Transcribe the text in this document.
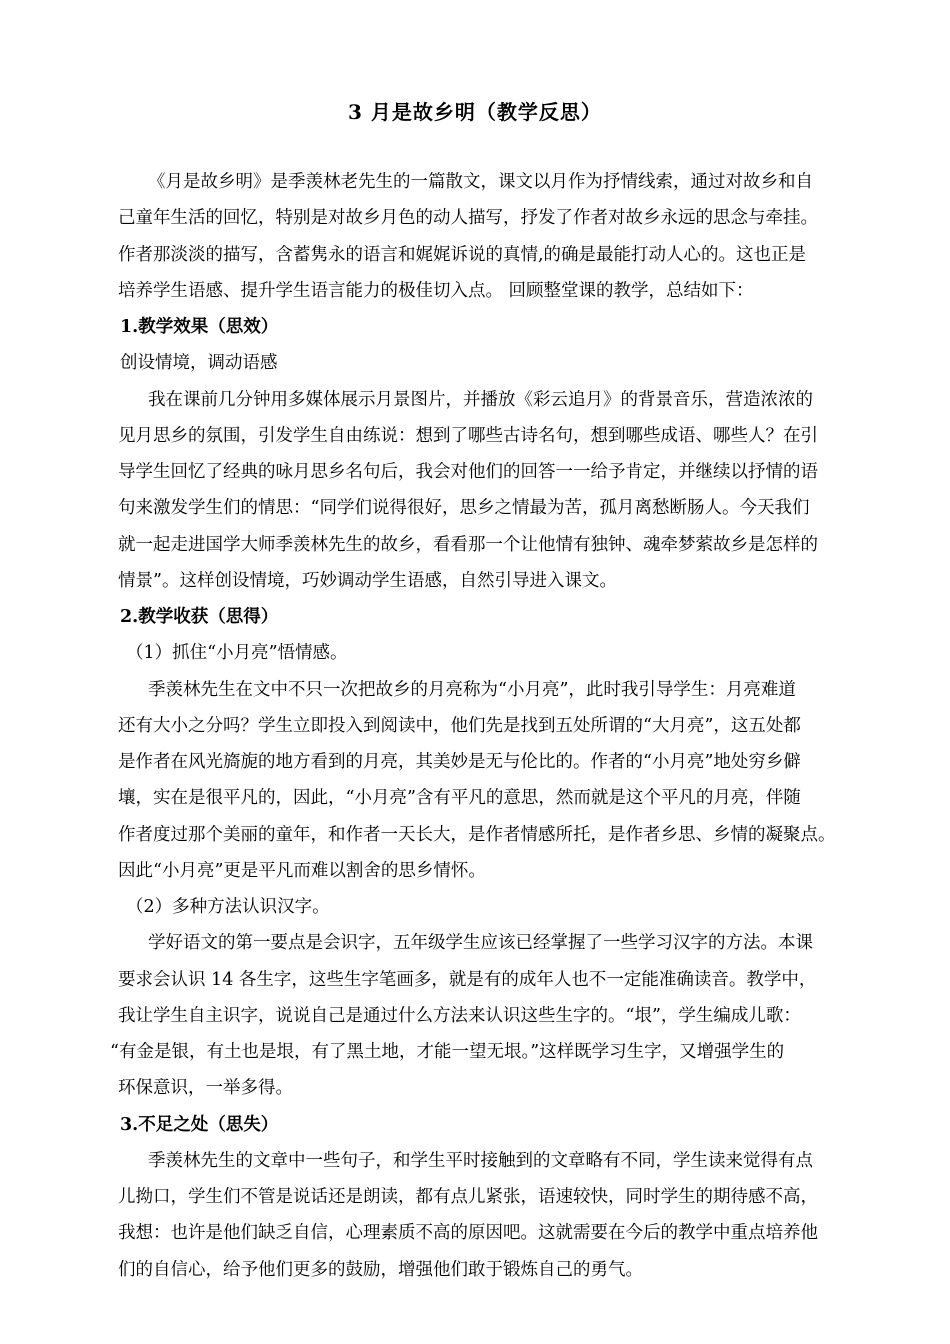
3 月是故乡明（教学反思）
《月是故乡明》是季羡林老先生的一篇散文，课文以月作为抒情线索，通过对故乡和自
己童年生活的回忆，特别是对故乡月色的动人描写，抒发了作者对故乡永远的思念与牵挂。
作者那淡淡的描写，含蓄隽永的语言和娓娓诉说的真情,的确是最能打动人心的。这也正是
培养学生语感、提升学生语言能力的极佳切入点。 回顾整堂课的教学，总结如下：
1.教学效果（思效）
创设情境，调动语感
我在课前几分钟用多媒体展示月景图片，并播放《彩云追月》的背景音乐，营造浓浓的
见月思乡的氛围，引发学生自由练说：想到了哪些古诗名句，想到哪些成语、哪些人？在引
导学生回忆了经典的咏月思乡名句后，我会对他们的回答一一给予肯定，并继续以抒情的语
句来激发学生们的情思：“同学们说得很好，思乡之情最为苦，孤月离愁断肠人。今天我们
就一起走进国学大师季羡林先生的故乡，看看那一个让他情有独钟、魂牵梦萦故乡是怎样的
情景”。这样创设情境，巧妙调动学生语感，自然引导进入课文。
2.教学收获（思得）
（1）抓住“小月亮”悟情感。
季羡林先生在文中不只一次把故乡的月亮称为“小月亮”，此时我引导学生：月亮难道
还有大小之分吗？学生立即投入到阅读中，他们先是找到五处所谓的“大月亮”，这五处都
是作者在风光旖旎的地方看到的月亮，其美妙是无与伦比的。作者的“小月亮”地处穷乡僻
壤，实在是很平凡的，因此，“小月亮”含有平凡的意思，然而就是这个平凡的月亮，伴随
作者度过那个美丽的童年，和作者一天长大，是作者情感所托，是作者乡思、乡情的凝聚点。
因此“小月亮”更是平凡而难以割舍的思乡情怀。
（2）多种方法认识汉字。
学好语文的第一要点是会识字，五年级学生应该已经掌握了一些学习汉字的方法。本课
要求会认识 14 各生字，这些生字笔画多，就是有的成年人也不一定能准确读音。教学中，
我让学生自主识字，说说自己是通过什么方法来认识这些生字的。“垠”，学生编成儿歌：
“有金是银，有土也是垠，有了黑土地，才能一望无垠。”这样既学习生字，又增强学生的
环保意识，一举多得。
3.不足之处（思失）
季羡林先生的文章中一些句子，和学生平时接触到的文章略有不同，学生读来觉得有点
儿拗口，学生们不管是说话还是朗读，都有点儿紧张，语速较快，同时学生的期待感不高，
我想：也许是他们缺乏自信，心理素质不高的原因吧。这就需要在今后的教学中重点培养他
们的自信心，给予他们更多的鼓励，增强他们敢于锻炼自己的勇气。
